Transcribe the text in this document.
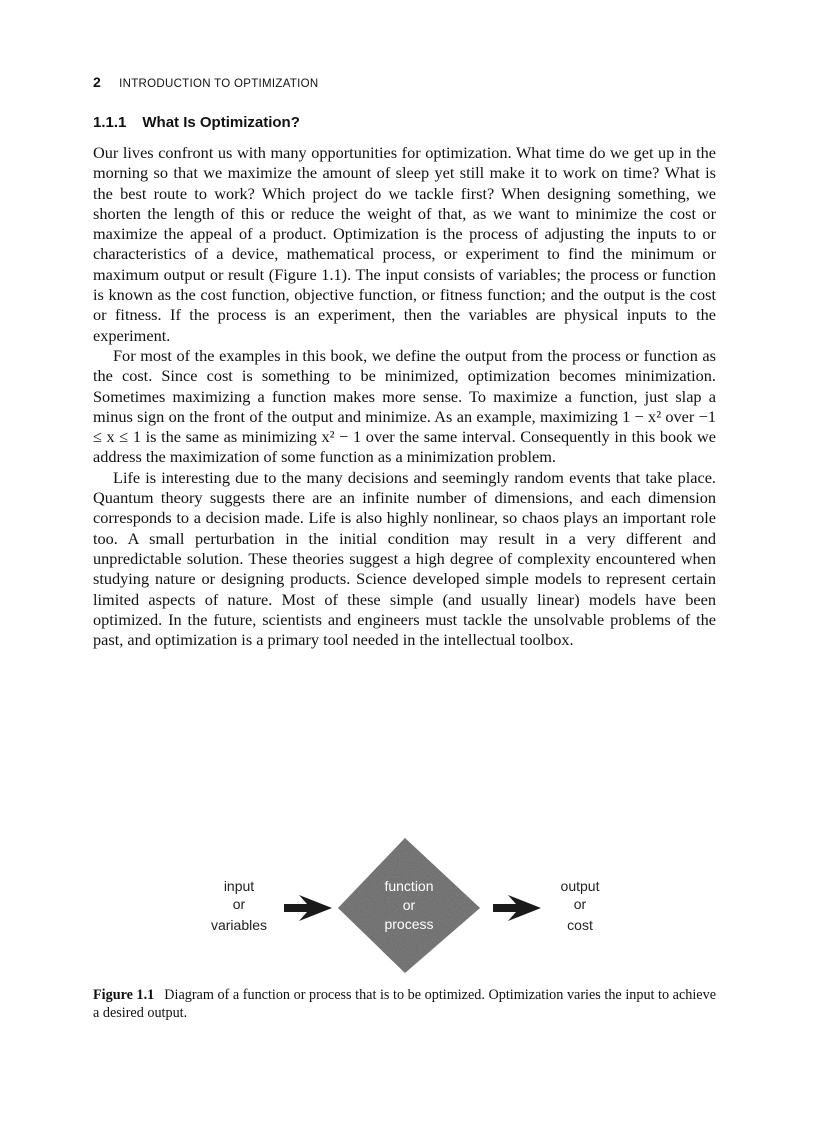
2 INTRODUCTION TO OPTIMIZATION
1.1.1 What Is Optimization?

Our lives confront us with many opportunities for optimization. What time do we get up in the morning so that we maximize the amount of sleep yet still make it to work on time? What is the best route to work? Which project do we tackle first? When designing something, we shorten the length of this or reduce the weight of that, as we want to minimize the cost or maximize the appeal of a product. Optimization is the process of adjusting the inputs to or characteristics of a device, mathematical process, or experiment to find the minimum or maximum output or result (Figure 1.1). The input consists of variables; the process or function is known as the cost function, objective function, or fitness function; and the output is the cost or fitness. If the process is an experiment, then the variables are physical inputs to the experiment.

For most of the examples in this book, we define the output from the process or function as the cost. Since cost is something to be minimized, optimization becomes minimization. Sometimes maximizing a function makes more sense. To maximize a function, just slap a minus sign on the front of the output and minimize. As an example, maximizing 1 − x² over −1 ≤ x ≤ 1 is the same as minimizing x² − 1 over the same interval. Consequently in this book we address the maximization of some function as a minimization problem.

Life is interesting due to the many decisions and seemingly random events that take place. Quantum theory suggests there are an infinite number of dimensions, and each dimension corresponds to a decision made. Life is also highly nonlinear, so chaos plays an important role too. A small perturbation in the initial condition may result in a very different and unpredictable solution. These theories suggest a high degree of complexity encountered when studying nature or designing products. Science developed simple models to represent certain limited aspects of nature. Most of these simple (and usually linear) models have been optimized. In the future, scientists and engineers must tackle the unsolvable problems of the past, and optimization is a primary tool needed in the intellectual toolbox.

input
or
variables
function
or
process
output
or
cost
Figure 1.1 Diagram of a function or process that is to be optimized. Optimization varies the input to achieve a desired output.
